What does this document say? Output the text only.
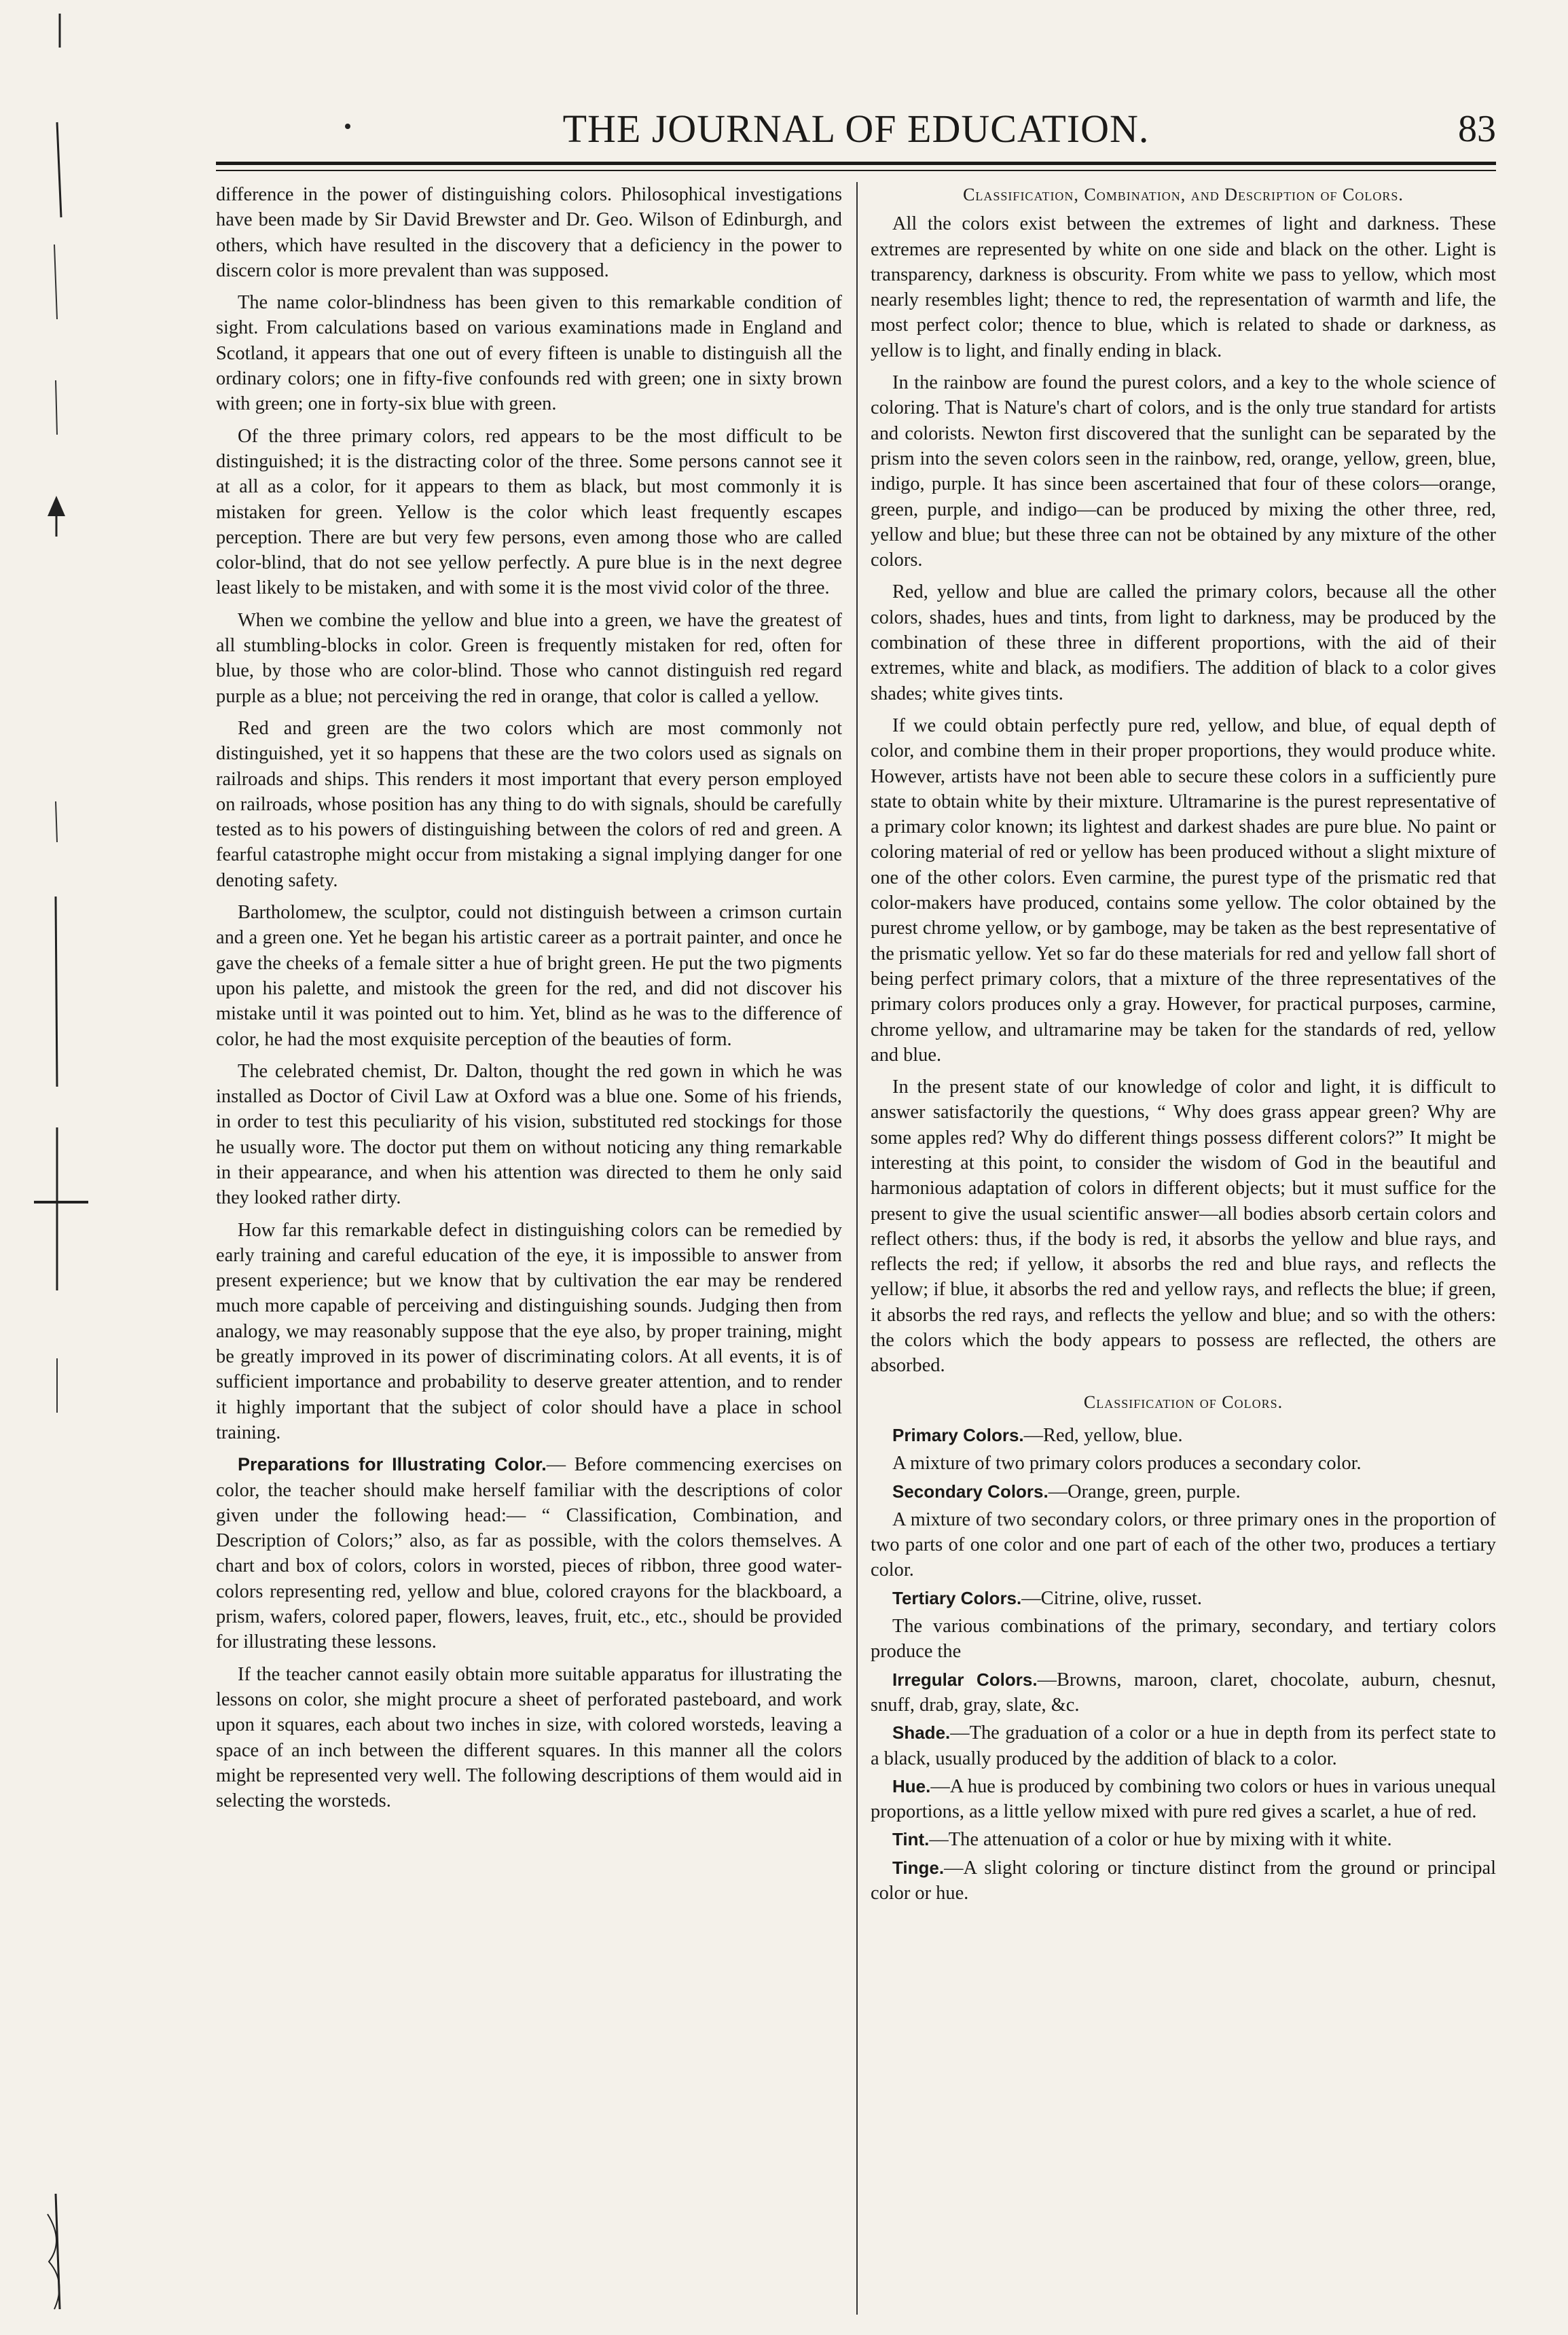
THE JOURNAL OF EDUCATION.	83

difference in the power of distinguishing colors. Philosophical investigations have been made by Sir David Brewster and Dr. Geo. Wilson of Edinburgh, and others, which have resulted in the discovery that a deficiency in the power to discern color is more prevalent than was supposed.

The name color-blindness has been given to this remarkable condition of sight. From calculations based on various examinations made in England and Scotland, it appears that one out of every fifteen is unable to distinguish all the ordinary colors; one in fifty-five confounds red with green; one in sixty brown with green; one in forty-six blue with green.

Of the three primary colors, red appears to be the most difficult to be distinguished; it is the distracting color of the three. Some persons cannot see it at all as a color, for it appears to them as black, but most commonly it is mistaken for green. Yellow is the color which least frequently escapes perception. There are but very few persons, even among those who are called color-blind, that do not see yellow perfectly. A pure blue is in the next degree least likely to be mistaken, and with some it is the most vivid color of the three.

When we combine the yellow and blue into a green, we have the greatest of all stumbling-blocks in color. Green is frequently mistaken for red, often for blue, by those who are color-blind. Those who cannot distinguish red regard purple as a blue; not perceiving the red in orange, that color is called a yellow.

Red and green are the two colors which are most commonly not distinguished, yet it so happens that these are the two colors used as signals on railroads and ships. This renders it most important that every person employed on railroads, whose position has any thing to do with signals, should be carefully tested as to his powers of distinguishing between the colors of red and green. A fearful catastrophe might occur from mistaking a signal implying danger for one denoting safety.

Bartholomew, the sculptor, could not distinguish between a crimson curtain and a green one. Yet he began his artistic career as a portrait painter, and once he gave the cheeks of a female sitter a hue of bright green. He put the two pigments upon his palette, and mistook the green for the red, and did not discover his mistake until it was pointed out to him. Yet, blind as he was to the difference of color, he had the most exquisite perception of the beauties of form.

The celebrated chemist, Dr. Dalton, thought the red gown in which he was installed as Doctor of Civil Law at Oxford was a blue one. Some of his friends, in order to test this peculiarity of his vision, substituted red stockings for those he usually wore. The doctor put them on without noticing any thing remarkable in their appearance, and when his attention was directed to them he only said they looked rather dirty.

How far this remarkable defect in distinguishing colors can be remedied by early training and careful education of the eye, it is impossible to answer from present experience; but we know that by cultivation the ear may be rendered much more capable of perceiving and distinguishing sounds. Judging then from analogy, we may reasonably suppose that the eye also, by proper training, might be greatly improved in its power of discriminating colors. At all events, it is of sufficient importance and probability to deserve greater attention, and to render it highly important that the subject of color should have a place in school training.

Preparations for Illustrating Color.— Before commencing exercises on color, the teacher should make herself familiar with the descriptions of color given under the following head:— “ Classification, Combination, and Description of Colors;” also, as far as possible, with the colors themselves. A chart and box of colors, colors in worsted, pieces of ribbon, three good water-colors representing red, yellow and blue, colored crayons for the blackboard, a prism, wafers, colored paper, flowers, leaves, fruit, etc., etc., should be provided for illustrating these lessons.

If the teacher cannot easily obtain more suitable apparatus for illustrating the lessons on color, she might procure a sheet of perforated pasteboard, and work upon it squares, each about two inches in size, with colored worsteds, leaving a space of an inch between the different squares. In this manner all the colors might be represented very well. The following descriptions of them would aid in selecting the worsteds.

Classification, Combination, and Description of Colors.

All the colors exist between the extremes of light and darkness. These extremes are represented by white on one side and black on the other. Light is transparency, darkness is obscurity. From white we pass to yellow, which most nearly resembles light; thence to red, the representation of warmth and life, the most perfect color; thence to blue, which is related to shade or darkness, as yellow is to light, and finally ending in black.

In the rainbow are found the purest colors, and a key to the whole science of coloring. That is Nature's chart of colors, and is the only true standard for artists and colorists. Newton first discovered that the sunlight can be separated by the prism into the seven colors seen in the rainbow, red, orange, yellow, green, blue, indigo, purple. It has since been ascertained that four of these colors—orange, green, purple, and indigo—can be produced by mixing the other three, red, yellow and blue; but these three can not be obtained by any mixture of the other colors.

Red, yellow and blue are called the primary colors, because all the other colors, shades, hues and tints, from light to darkness, may be produced by the combination of these three in different proportions, with the aid of their extremes, white and black, as modifiers. The addition of black to a color gives shades; white gives tints.

If we could obtain perfectly pure red, yellow, and blue, of equal depth of color, and combine them in their proper proportions, they would produce white. However, artists have not been able to secure these colors in a sufficiently pure state to obtain white by their mixture. Ultramarine is the purest representative of a primary color known; its lightest and darkest shades are pure blue. No paint or coloring material of red or yellow has been produced without a slight mixture of one of the other colors. Even carmine, the purest type of the prismatic red that color-makers have produced, contains some yellow. The color obtained by the purest chrome yellow, or by gamboge, may be taken as the best representative of the prismatic yellow. Yet so far do these materials for red and yellow fall short of being perfect primary colors, that a mixture of the three representatives of the primary colors produces only a gray. However, for practical purposes, carmine, chrome yellow, and ultramarine may be taken for the standards of red, yellow and blue.

In the present state of our knowledge of color and light, it is difficult to answer satisfactorily the questions, “ Why does grass appear green? Why are some apples red? Why do different things possess different colors?” It might be interesting at this point, to consider the wisdom of God in the beautiful and harmonious adaptation of colors in different objects; but it must suffice for the present to give the usual scientific answer—all bodies absorb certain colors and reflect others: thus, if the body is red, it absorbs the yellow and blue rays, and reflects the red; if yellow, it absorbs the red and blue rays, and reflects the yellow; if blue, it absorbs the red and yellow rays, and reflects the blue; if green, it absorbs the red rays, and reflects the yellow and blue; and so with the others: the colors which the body appears to possess are reflected, the others are absorbed.

Classification of Colors.

Primary Colors.—Red, yellow, blue.

A mixture of two primary colors produces a secondary color.

Secondary Colors.—Orange, green, purple.

A mixture of two secondary colors, or three primary ones in the proportion of two parts of one color and one part of each of the other two, produces a tertiary color.

Tertiary Colors.—Citrine, olive, russet.

The various combinations of the primary, secondary, and tertiary colors produce the

Irregular Colors.—Browns, maroon, claret, chocolate, auburn, chesnut, snuff, drab, gray, slate, &c.

Shade.—The graduation of a color or a hue in depth from its perfect state to a black, usually produced by the addition of black to a color.

Hue.—A hue is produced by combining two colors or hues in various unequal proportions, as a little yellow mixed with pure red gives a scarlet, a hue of red.

Tint.—The attenuation of a color or hue by mixing with it white.

Tinge.—A slight coloring or tincture distinct from the ground or principal color or hue.
